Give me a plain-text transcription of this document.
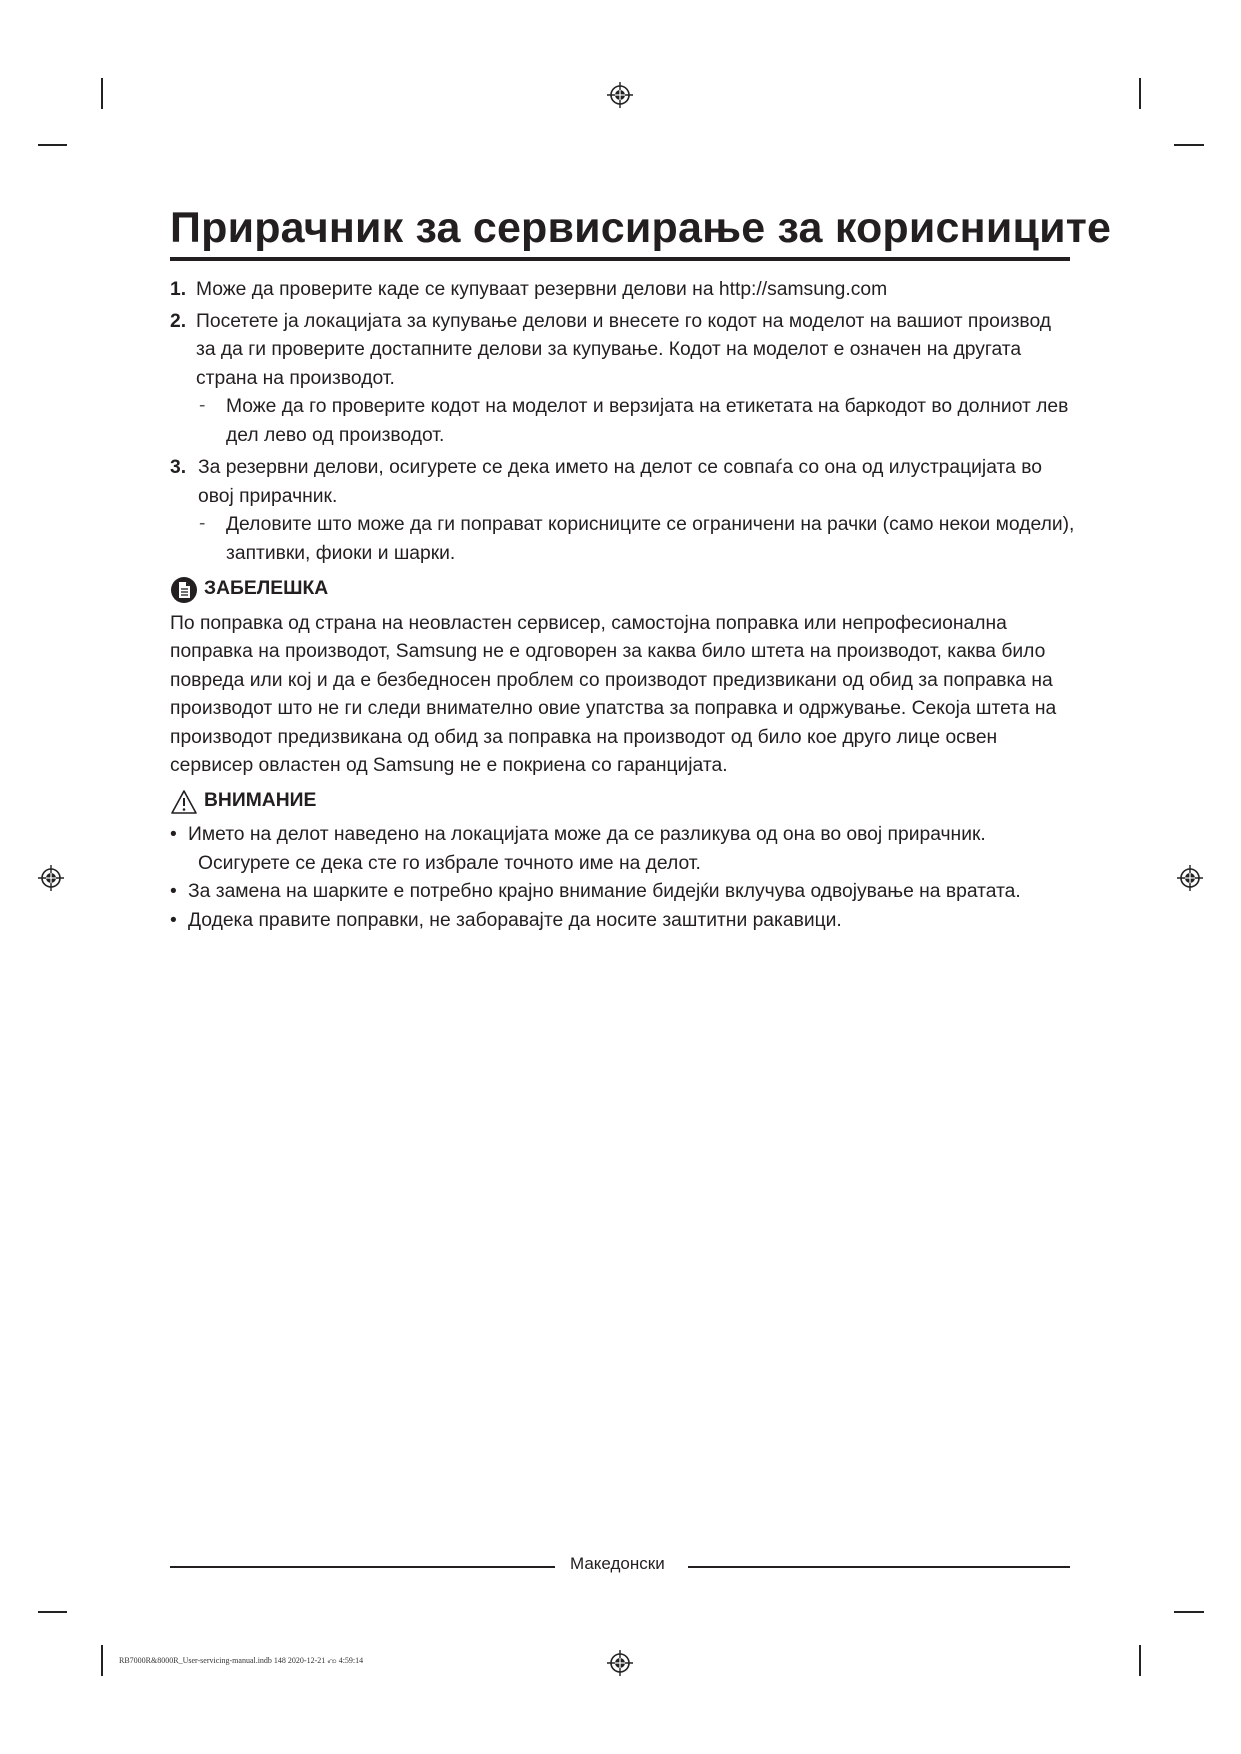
Прирачник за сервисирање за корисниците
1. Може да проверите каде се купуваат резервни делови на http://samsung.com
2. Посетете ја локацијата за купување делови и внесете го кодот на моделот на вашиот производ за да ги проверите достапните делови за купување. Кодот на моделот е означен на другата страна на производот.
- Може да го проверите кодот на моделот и верзијата на етикетата на баркодот во долниот лев дел лево од производот.
3. За резервни делови, осигурете се дека името на делот се совпаѓа со она од илустрацијата во овој прирачник.
- Деловите што може да ги поправат корисниците се ограничени на рачки (само некои модели), заптивки, фиоки и шарки.
ЗАБЕЛЕШКА
По поправка од страна на неовластен сервисер, самостојна поправка или непрофесионална поправка на производот, Samsung не е одговорен за каква било штета на производот, каква било повреда или кој и да е безбедносен проблем со производот предизвикани од обид за поправка на производот што не ги следи внимателно овие упатства за поправка и одржување. Секоја штета на производот предизвикана од обид за поправка на производот од било кое друго лице освен сервисер овластен од Samsung не е покриена со гаранцијата.
ВНИМАНИЕ
• Името на делот наведено на локацијата може да се разликува од она во овој прирачник.
Осигурете се дека сте го избрале точното име на делот.
• За замена на шарките е потребно крајно внимание бидејќи вклучува одвојување на вратата.
• Додека правите поправки, не заборавајте да носите заштитни ракавици.
Македонски
RB7000R&8000R_User-servicing-manual.indb 148 2020-12-21 ꩲ 4:59:14
